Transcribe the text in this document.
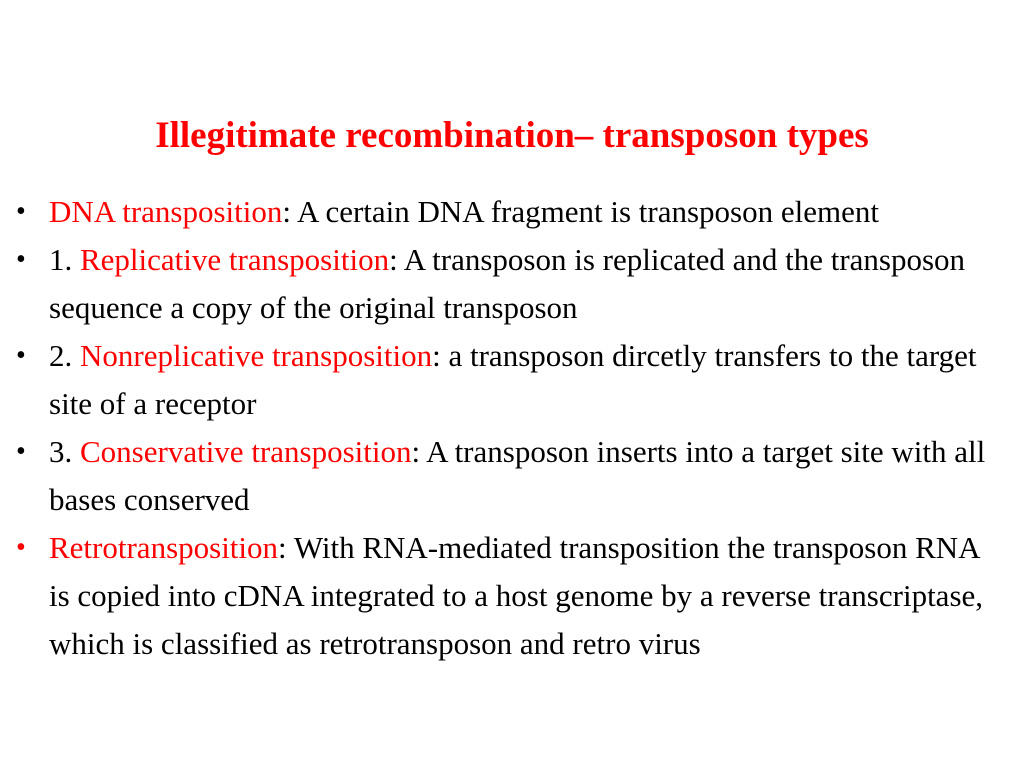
Illegitimate recombination– transposon types
• DNA transposition: A certain DNA fragment is transposon element
• 1. Replicative transposition: A transposon is replicated and the transposon sequence a copy of the original transposon
• 2. Nonreplicative transposition: a transposon dircetly transfers to the target site of a receptor
• 3. Conservative transposition: A transposon inserts into a target site with all bases conserved
• Retrotransposition: With RNA-mediated transposition the transposon RNA is copied into cDNA integrated to a host genome by a reverse transcriptase, which is classified as retrotransposon and retro virus
